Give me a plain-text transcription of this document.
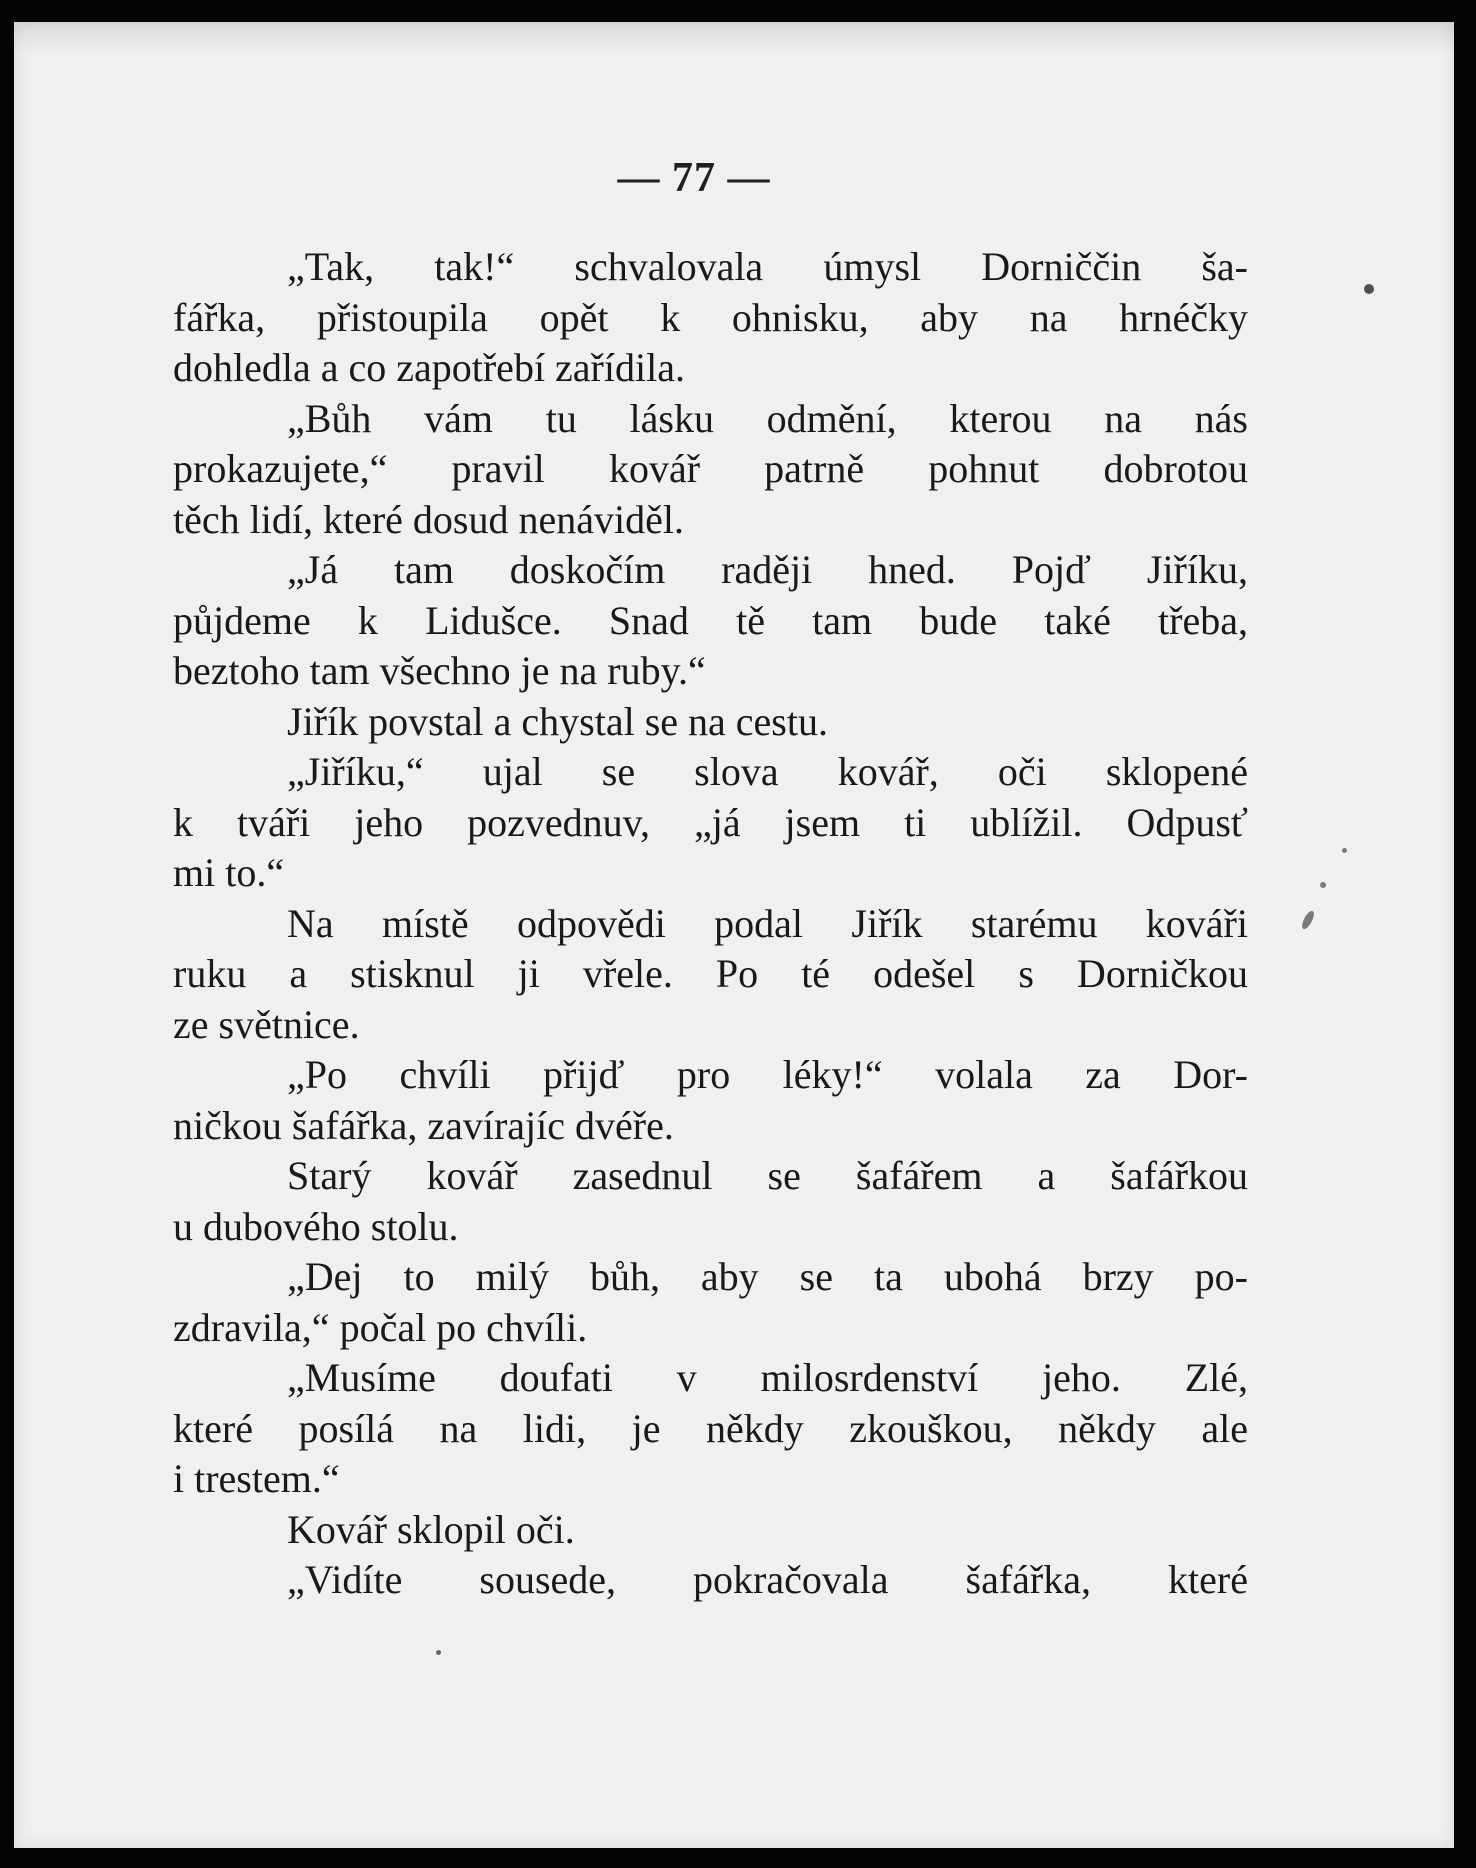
— 77 —
„Tak, tak!“ schvalovala úmysl Dorniččin ša-
fářka, přistoupila opět k ohnisku, aby na hrnéčky
dohledla a co zapotřebí zařídila.
„Bůh vám tu lásku odmění, kterou na nás
prokazujete,“ pravil kovář patrně pohnut dobrotou
těch lidí, které dosud nenáviděl.
„Já tam doskočím raději hned. Pojď Jiříku,
půjdeme k Lidušce. Snad tě tam bude také třeba,
beztoho tam všechno je na ruby.“
Jiřík povstal a chystal se na cestu.
„Jiříku,“ ujal se slova kovář, oči sklopené
k tváři jeho pozvednuv, „já jsem ti ublížil. Odpusť
mi to.“
Na místě odpovědi podal Jiřík starému kováři
ruku a stisknul ji vřele. Po té odešel s Dorničkou
ze světnice.
„Po chvíli přijď pro léky!“ volala za Dor-
ničkou šafářka, zavírajíc dvéře.
Starý kovář zasednul se šafářem a šafářkou
u dubového stolu.
„Dej to milý bůh, aby se ta ubohá brzy po-
zdravila,“ počal po chvíli.
„Musíme doufati v milosrdenství jeho. Zlé,
které posílá na lidi, je někdy zkouškou, někdy ale
i trestem.“
Kovář sklopil oči.
„Vidíte sousede, pokračovala šafářka, které
